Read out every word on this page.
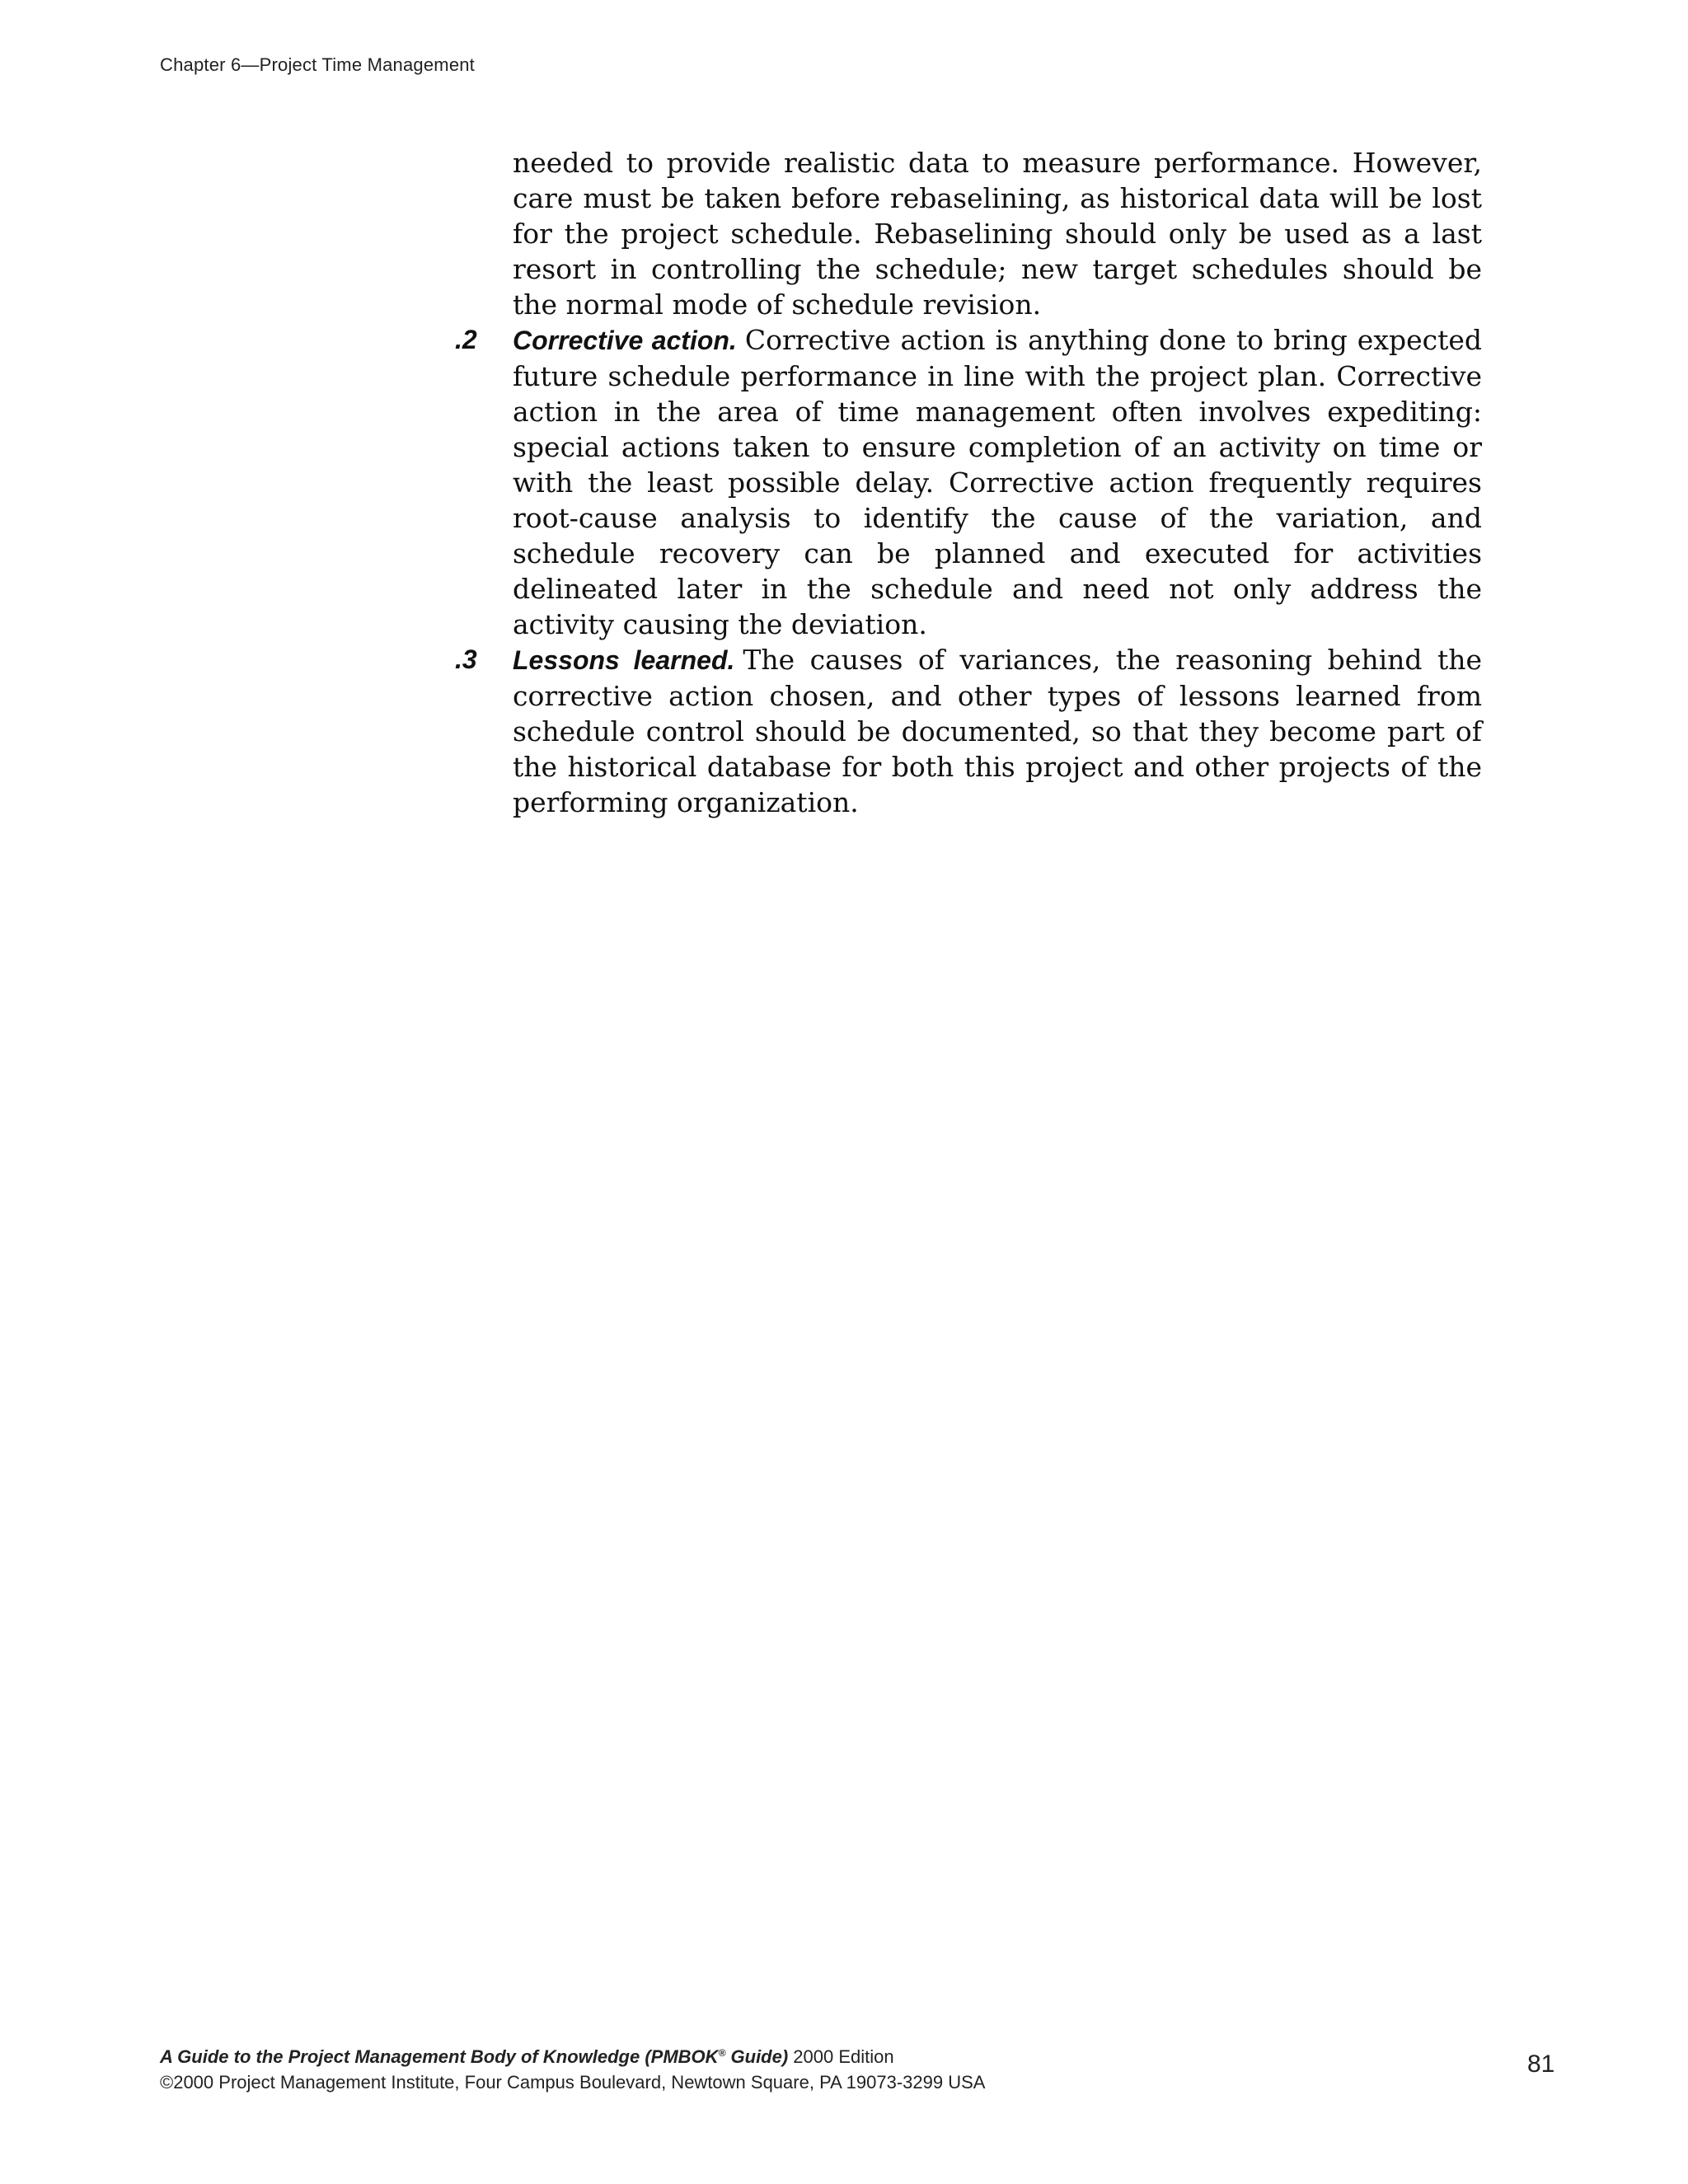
Chapter 6—Project Time Management

needed to provide realistic data to measure performance. However, care must be taken before rebaselining, as historical data will be lost for the project schedule. Rebaselining should only be used as a last resort in controlling the schedule; new target schedules should be the normal mode of schedule revision.

.2 Corrective action. Corrective action is anything done to bring expected future schedule performance in line with the project plan. Corrective action in the area of time management often involves expediting: special actions taken to ensure completion of an activity on time or with the least possible delay. Corrective action frequently requires root-cause analysis to identify the cause of the variation, and schedule recovery can be planned and executed for activities delineated later in the schedule and need not only address the activity causing the deviation.

.3 Lessons learned. The causes of variances, the reasoning behind the corrective action chosen, and other types of lessons learned from schedule control should be documented, so that they become part of the historical database for both this project and other projects of the performing organization.

A Guide to the Project Management Body of Knowledge (PMBOK® Guide) 2000 Edition
©2000 Project Management Institute, Four Campus Boulevard, Newtown Square, PA 19073-3299 USA
81
